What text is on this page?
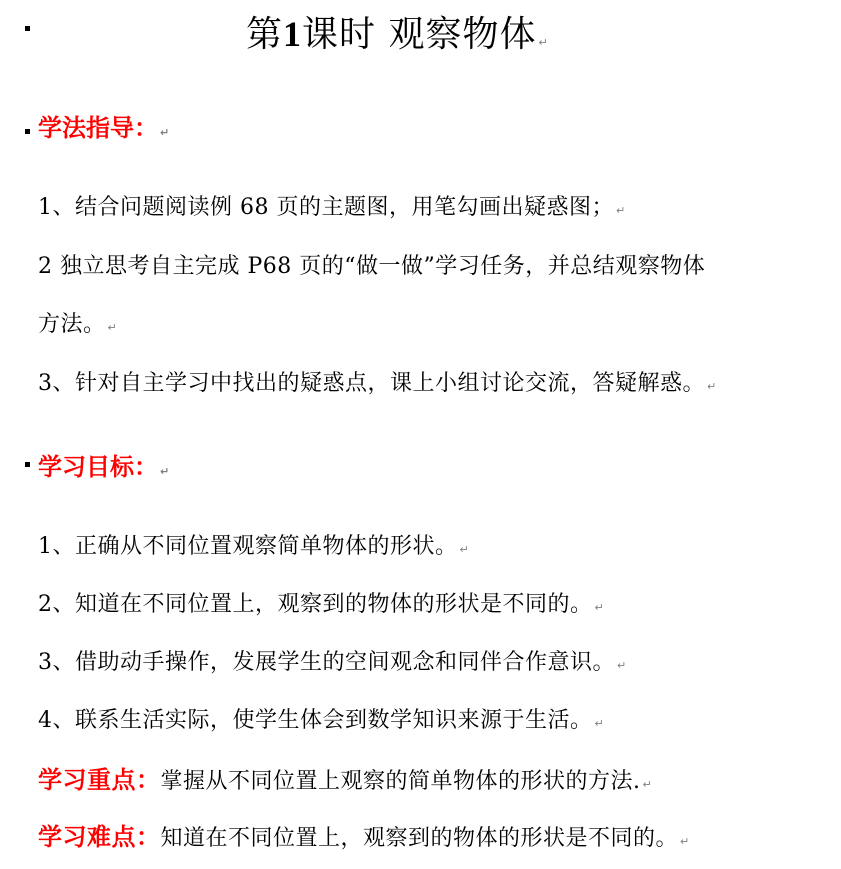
第1课时 观察物体 ↵
学法指导： ↵
1、结合问题阅读例 68 页的主题图，用笔勾画出疑惑图； ↵
2 独立思考自主完成 P68 页的“做一做”学习任务，并总结观察物体
方法。 ↵
3、针对自主学习中找出的疑惑点，课上小组讨论交流，答疑解惑。 ↵
学习目标： ↵
1、正确从不同位置观察简单物体的形状。 ↵
2、知道在不同位置上，观察到的物体的形状是不同的。 ↵
3、借助动手操作，发展学生的空间观念和同伴合作意识。 ↵
4、联系生活实际，使学生体会到数学知识来源于生活。 ↵
学习重点：掌握从不同位置上观察的简单物体的形状的方法. ↵
学习难点：知道在不同位置上，观察到的物体的形状是不同的。 ↵
